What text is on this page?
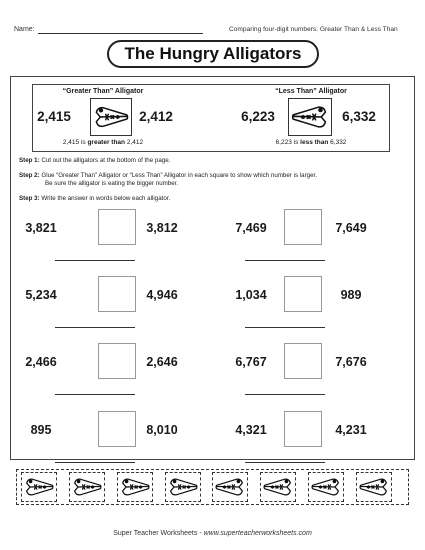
Name:	Comparing four-digit numbers: Greater Than & Less Than
The Hungry Alligators
“Greater Than” Alligator
2,415	2,412
2,415 is greater than 2,412
“Less Than” Alligator
6,223	6,332
6,223 is less than 6,332
Step 1: Cut out the alligators at the bottom of the page.
Step 2: Glue “Greater Than” Alligator or “Less Than” Alligator in each square to show which number is larger.
Be sure the alligator is eating the bigger number.
Step 3: Write the answer in words below each alligator.
3,821	3,812	7,469	7,649
5,234	4,946	1,034	989
2,466	2,646	6,767	7,676
895	8,010	4,321	4,231
Super Teacher Worksheets - www.superteacherworksheets.com
